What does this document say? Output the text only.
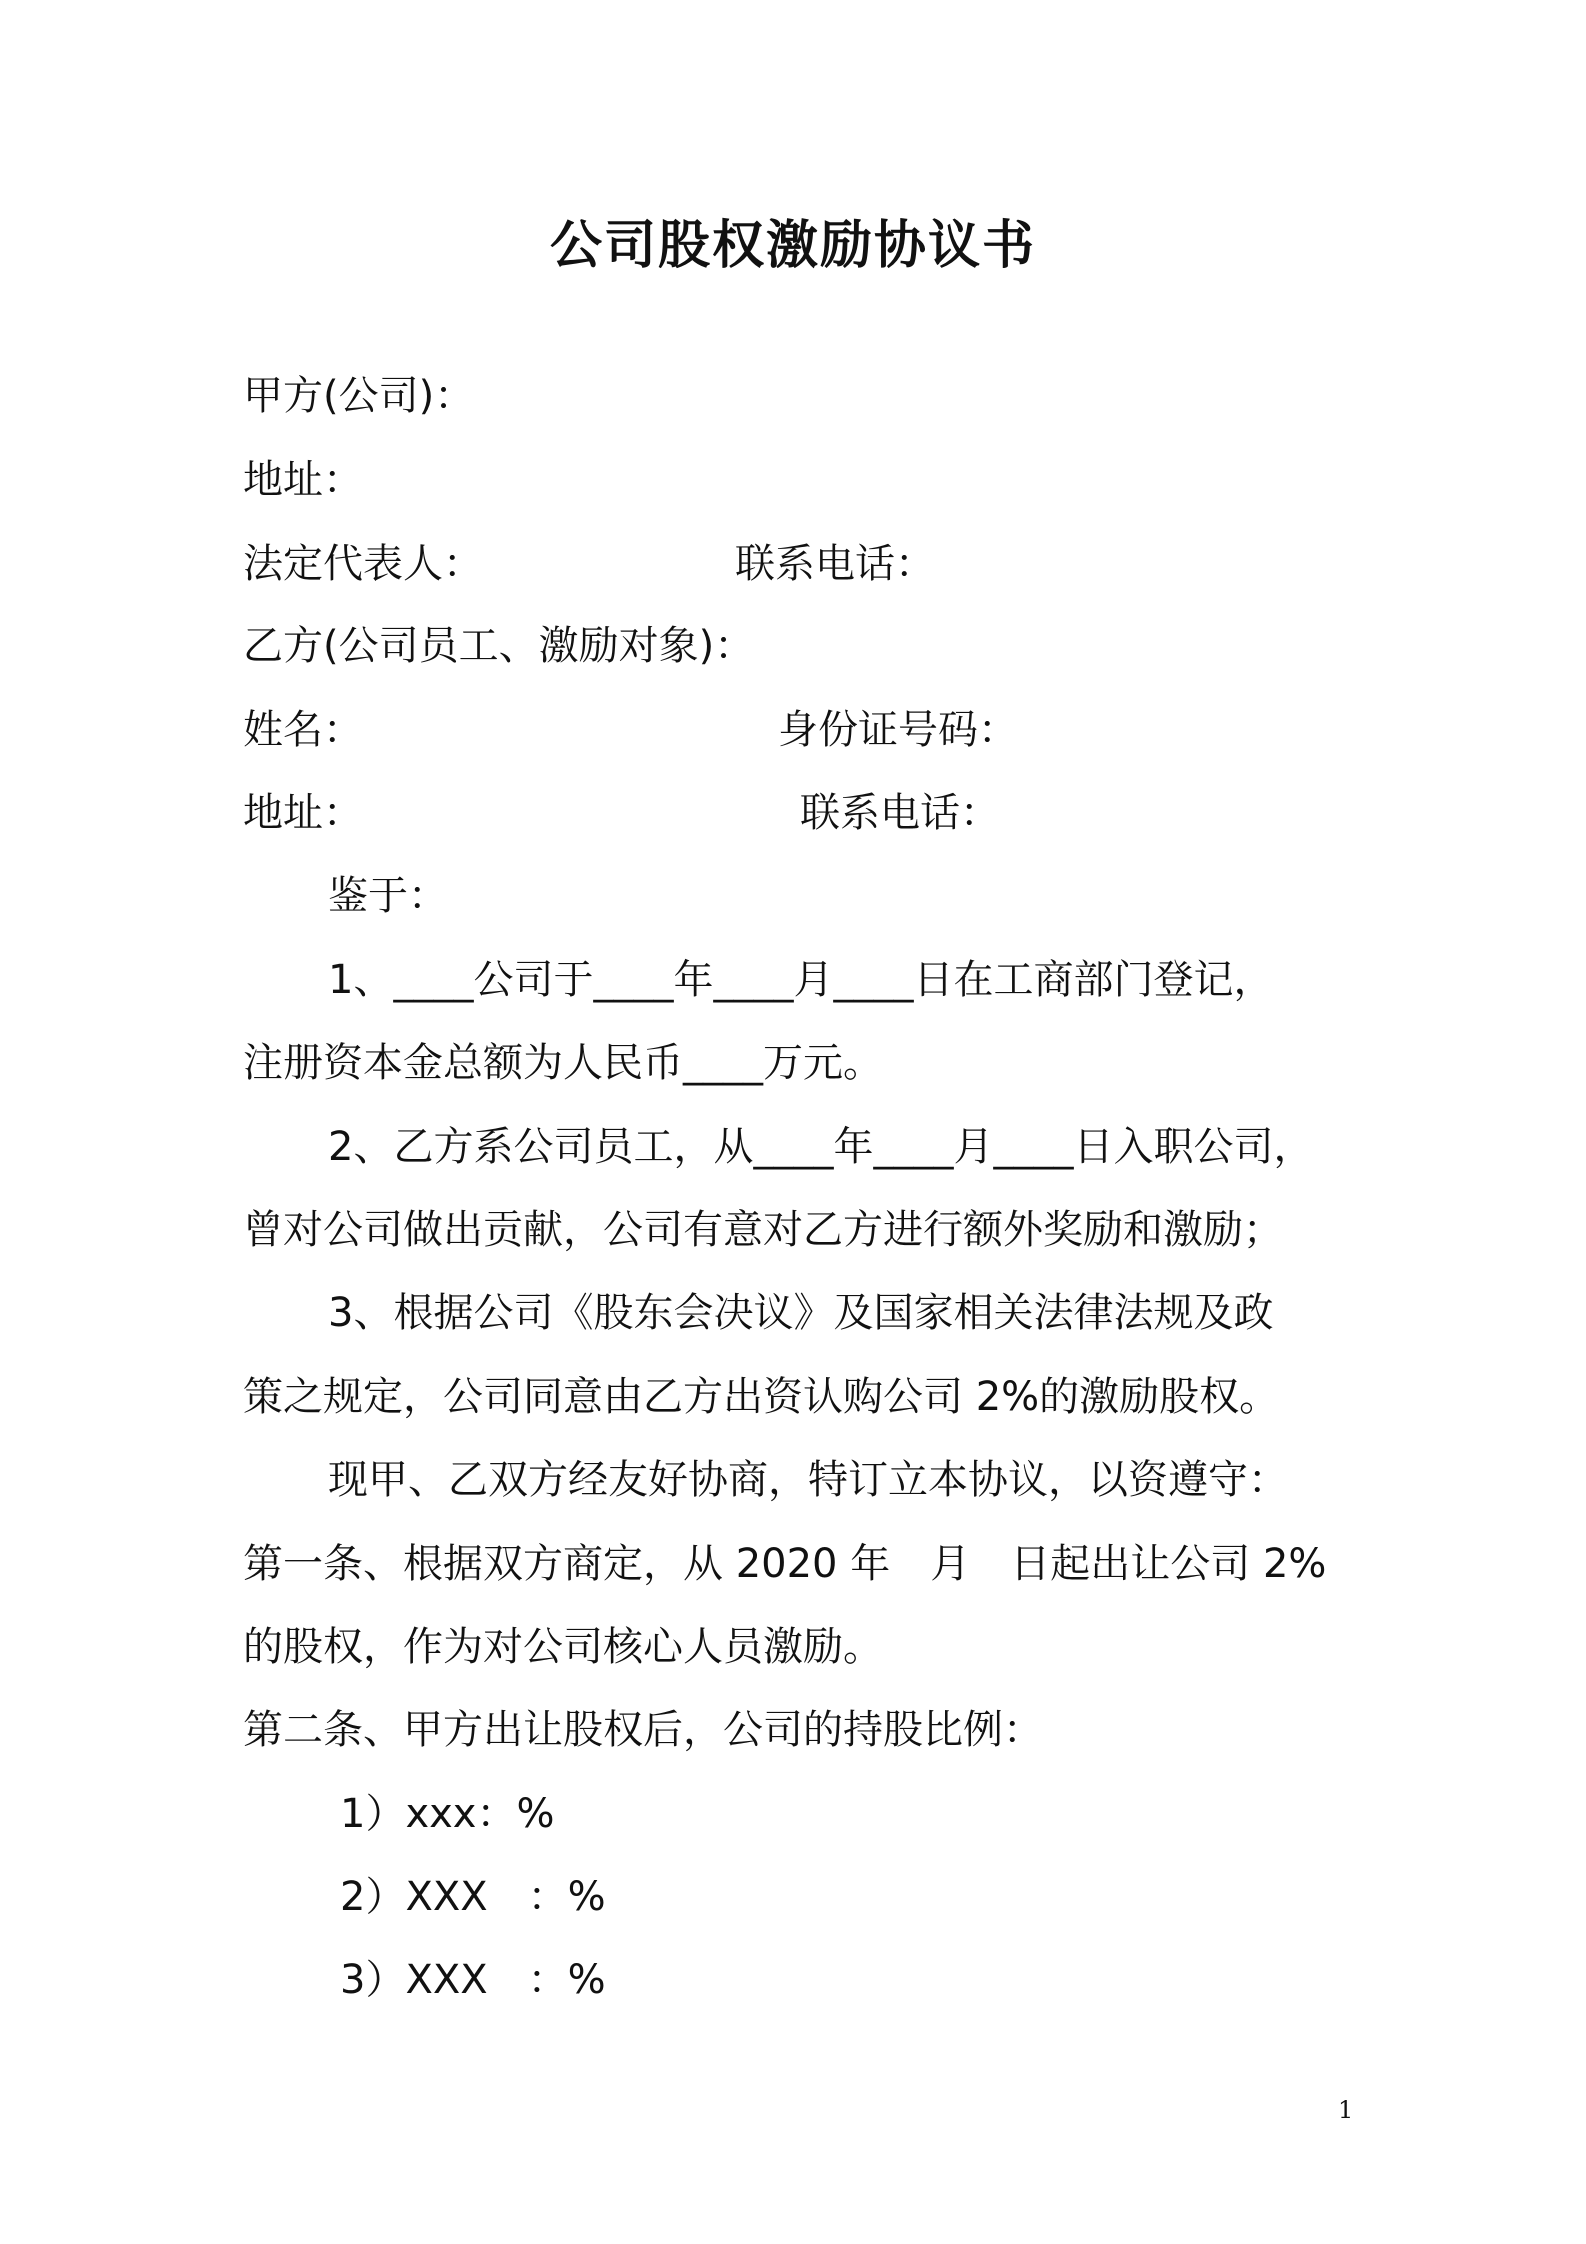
公司股权激励协议书
甲方(公司)：
地址：
法定代表人：	联系电话：
乙方(公司员工、激励对象)：
姓名：	身份证号码：
地址：	联系电话：
鉴于：
1、____公司于____年____月____日在工商部门登记，
注册资本金总额为人民币____万元。
2、乙方系公司员工，从____年____月____日入职公司，
曾对公司做出贡献，公司有意对乙方进行额外奖励和激励；
3、根据公司《股东会决议》及国家相关法律法规及政
策之规定，公司同意由乙方出资认购公司 2%的激励股权。
现甲、乙双方经友好协商，特订立本协议，以资遵守：
第一条、根据双方商定，从 2020 年　月　日起出让公司 2%
的股权，作为对公司核心人员激励。
第二条、甲方出让股权后，公司的持股比例：
1）xxx：%
2）XXX　：%
3）XXX　：%
1
